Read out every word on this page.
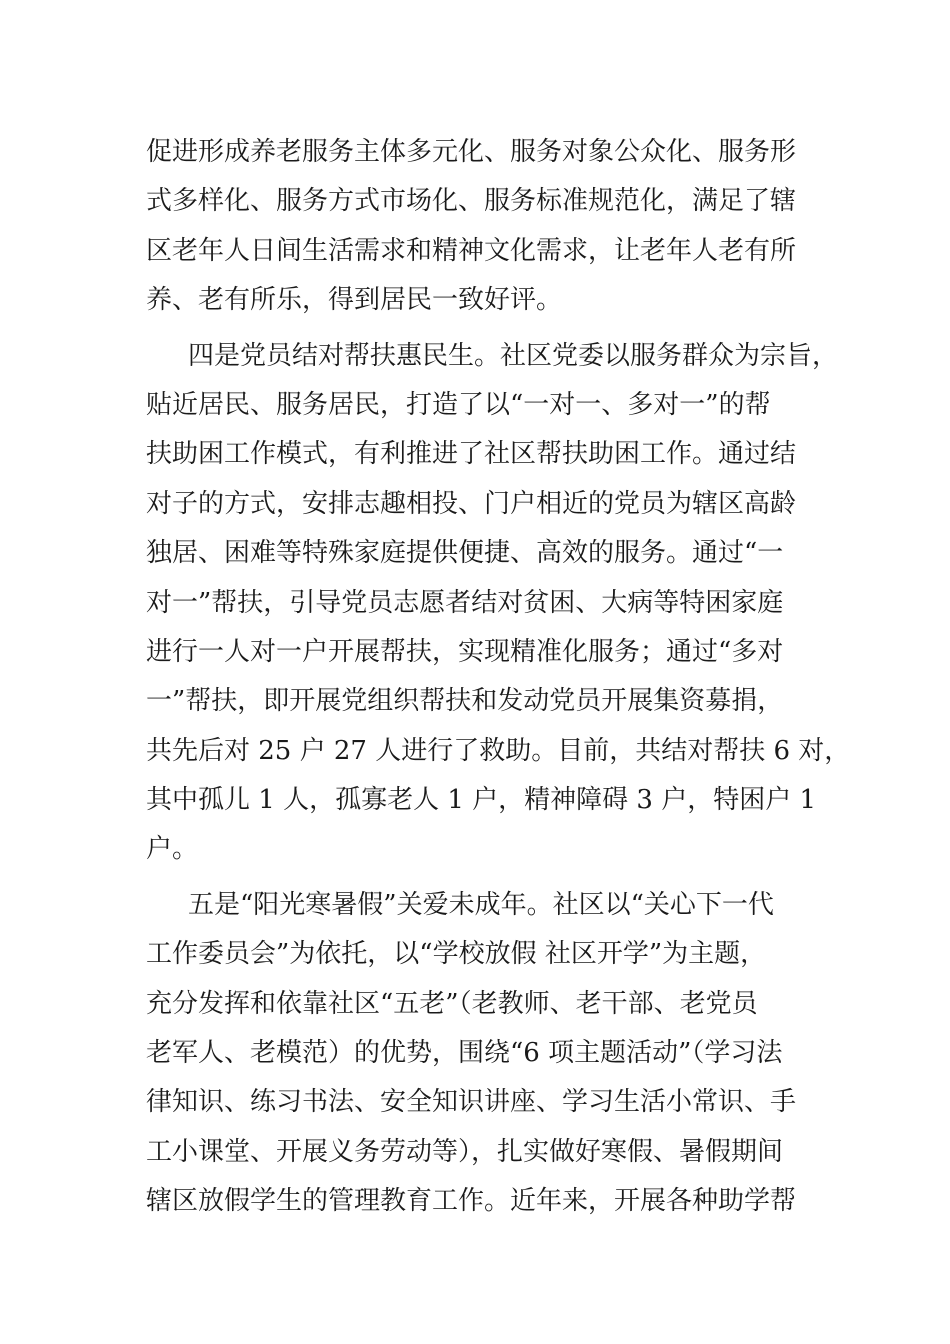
促进形成养老服务主体多元化、服务对象公众化、服务形
式多样化、服务方式市场化、服务标准规范化，满足了辖
区老年人日间生活需求和精神文化需求，让老年人老有所
养、老有所乐，得到居民一致好评。
四是党员结对帮扶惠民生。社区党委以服务群众为宗旨，
贴近居民、服务居民，打造了以“一对一、多对一”的帮
扶助困工作模式，有利推进了社区帮扶助困工作。通过结
对子的方式，安排志趣相投、门户相近的党员为辖区高龄
独居、困难等特殊家庭提供便捷、高效的服务。通过“一
对一”帮扶，引导党员志愿者结对贫困、大病等特困家庭
进行一人对一户开展帮扶，实现精准化服务；通过“多对
一”帮扶，即开展党组织帮扶和发动党员开展集资募捐，
共先后对 25 户 27 人进行了救助。目前，共结对帮扶 6 对，
其中孤儿 1 人，孤寡老人 1 户，精神障碍 3 户，特困户 1
户。
五是“阳光寒暑假”关爱未成年。社区以“关心下一代
工作委员会”为依托，以“学校放假 社区开学”为主题，
充分发挥和依靠社区“五老”（老教师、老干部、老党员
老军人、老模范）的优势，围绕“6 项主题活动”（学习法
律知识、练习书法、安全知识讲座、学习生活小常识、手
工小课堂、开展义务劳动等），扎实做好寒假、暑假期间
辖区放假学生的管理教育工作。近年来，开展各种助学帮
